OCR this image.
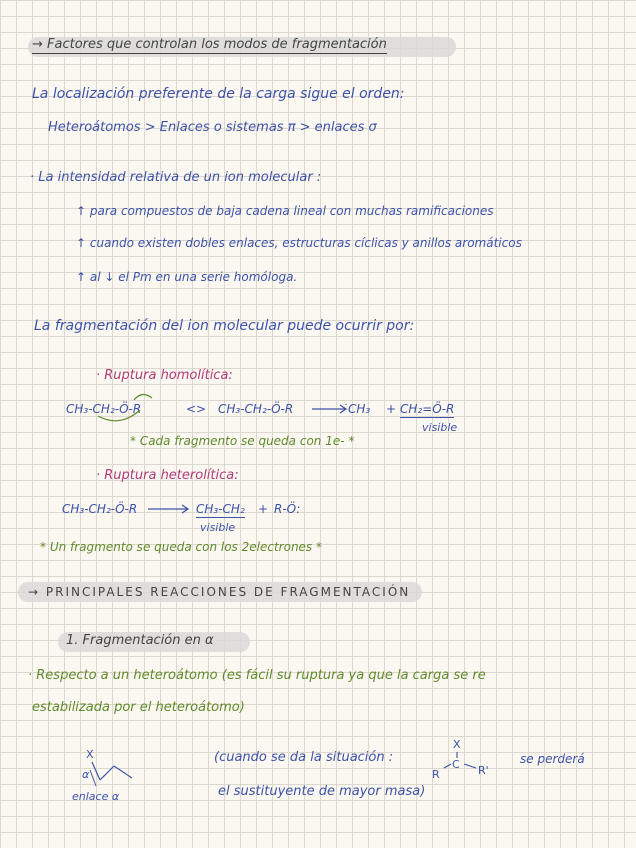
→ Factores que controlan los modos de fragmentación
La localización preferente de la carga sigue el orden:
Heteroátomos > Enlaces o sistemas π > enlaces σ
· La intensidad relativa de un ion molecular :
↑ para compuestos de baja cadena lineal con muchas ramificaciones
↑ cuando existen dobles enlaces, estructuras cíclicas y anillos aromáticos
↑ al ↓ el Pm en una serie homóloga.
La fragmentación del ion molecular puede ocurrir por:
· Ruptura homolítica:
CH₃-CH₂-Ö-R	<> CH₃-CH₂-Ö-R	˙CH₃ + CH₂=Ö-R
visible
* Cada fragmento se queda con 1e- *
· Ruptura heterolítica:
CH₃-CH₂-Ö-R	CH₃-CH₂ + R-Ö:
visible
* Un fragmento se queda con los 2electrones *
→ PRINCIPALES REACCIONES DE FRAGMENTACIÓN
1. Fragmentación en α
· Respecto a un heteroátomo (es fácil su ruptura ya que la carga se re
estabilizada por el heteroátomo)
X
α
enlace α
(cuando se da la situación :
el sustituyente de mayor masa)
X
R
C R'
se perderá
